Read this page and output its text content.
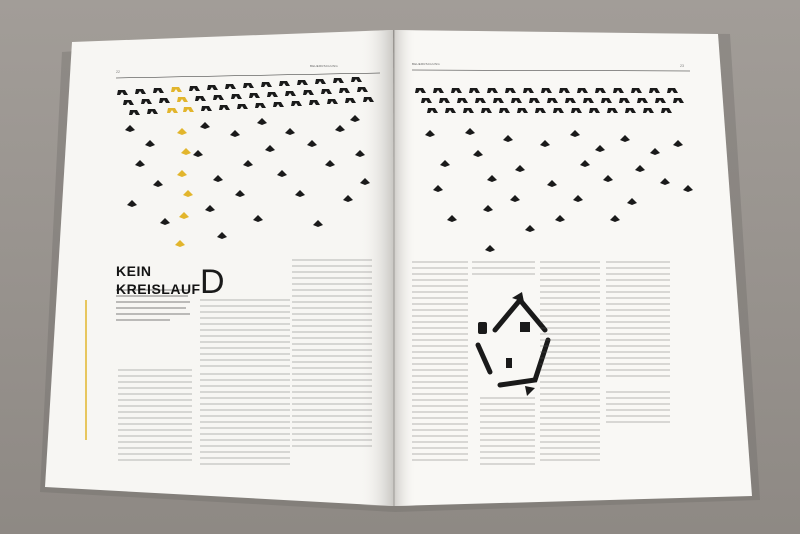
D
KEIN
KREISLAUF
BEHERRSCHUNG
22
BEHERRSCHUNG	23
